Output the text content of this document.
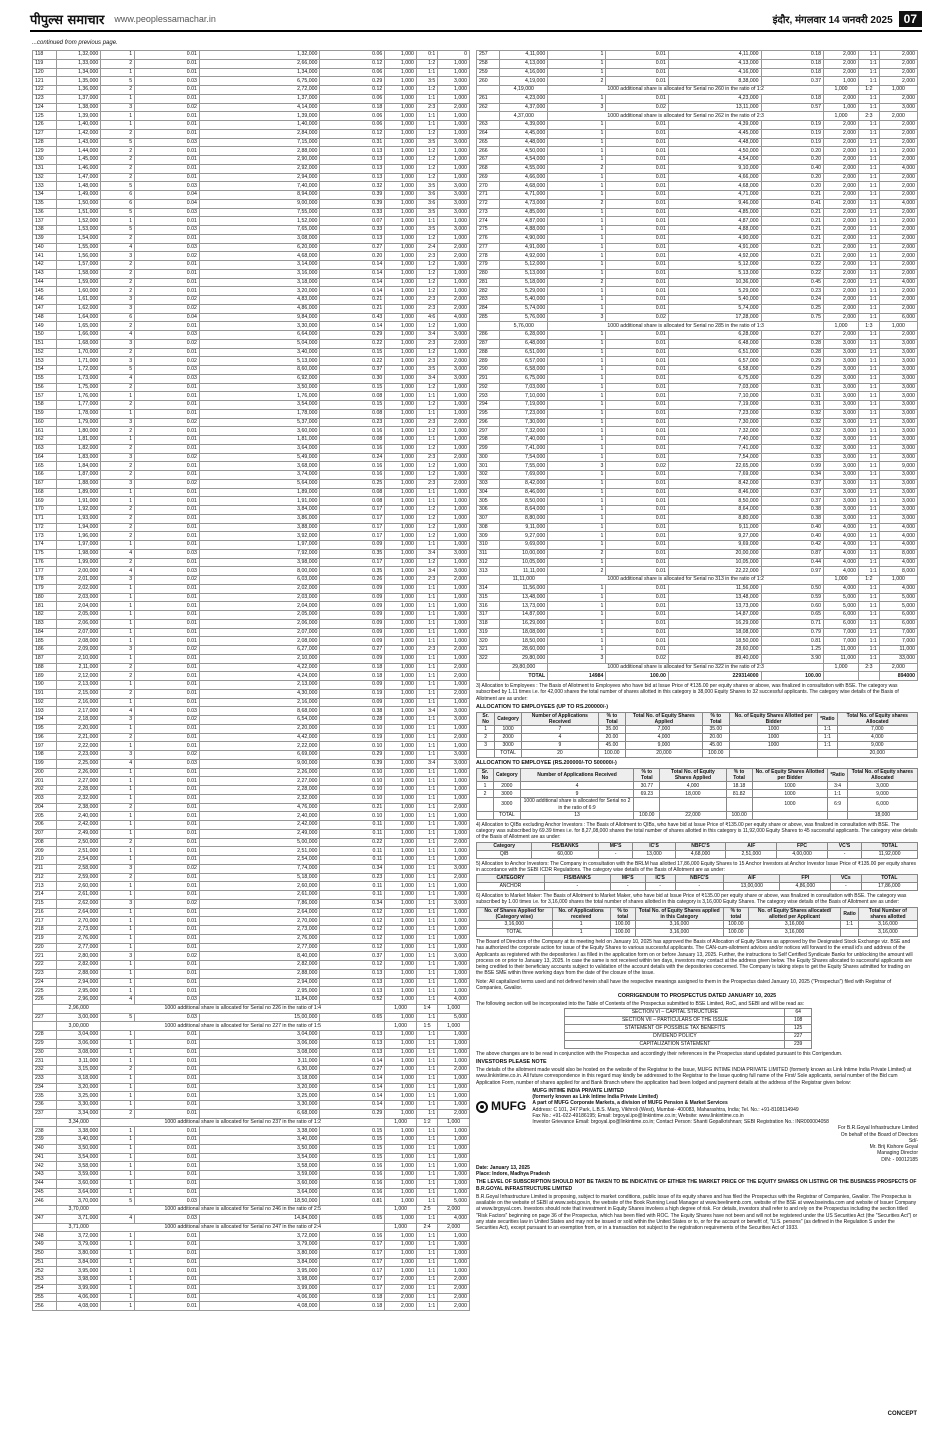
पीपुल्स समाचार www.peoplessamachar.in	इंदौर, मंगलवार 14 जनवरी 2025 07
...continued from previous page.
118	1,32,000	1	0.01	1,32,000	0.06	1,000	0:1	0
119	1,33,000	2	0.01	2,66,000	0.12	1,000	1:2	1,000
120	1,34,000	1	0.01	1,34,000	0.06	1,000	1:1	1,000
121	1,35,000	5	0.03	6,75,000	0.29	1,000	3:5	3,000
122	1,36,000	2	0.01	2,72,000	0.12	1,000	1:2	1,000
123	1,37,000	1	0.01	1,37,000	0.06	1,000	1:1	1,000
124	1,38,000	3	0.02	4,14,000	0.18	1,000	2:3	2,000
125	1,39,000	1	0.01	1,39,000	0.06	1,000	1:1	1,000
126	1,40,000	1	0.01	1,40,000	0.06	1,000	1:1	1,000
127	1,42,000	2	0.01	2,84,000	0.12	1,000	1:2	1,000
128	1,43,000	5	0.03	7,15,000	0.31	1,000	3:5	3,000
129	1,44,000	2	0.01	2,88,000	0.13	1,000	1:2	1,000
130	1,45,000	2	0.01	2,90,000	0.13	1,000	1:2	1,000
131	1,46,000	2	0.01	2,92,000	0.13	1,000	1:2	1,000
132	1,47,000	2	0.01	2,94,000	0.13	1,000	1:2	1,000
133	1,48,000	5	0.03	7,40,000	0.32	1,000	3:5	3,000
134	1,49,000	6	0.04	8,94,000	0.39	1,000	3:6	3,000
135	1,50,000	6	0.04	9,00,000	0.39	1,000	3:6	3,000
136	1,51,000	5	0.03	7,55,000	0.33	1,000	3:5	3,000
137	1,52,000	1	0.01	1,52,000	0.07	1,000	1:1	1,000
138	1,53,000	5	0.03	7,65,000	0.33	1,000	3:5	3,000
139	1,54,000	2	0.01	3,08,000	0.13	1,000	1:2	1,000
140	1,55,000	4	0.03	6,20,000	0.27	1,000	2:4	2,000
141	1,56,000	3	0.02	4,68,000	0.20	1,000	2:3	2,000
142	1,57,000	2	0.01	3,14,000	0.14	1,000	1:2	1,000
143	1,58,000	2	0.01	3,16,000	0.14	1,000	1:2	1,000
144	1,59,000	2	0.01	3,18,000	0.14	1,000	1:2	1,000
145	1,60,000	2	0.01	3,20,000	0.14	1,000	1:2	1,000
146	1,61,000	3	0.02	4,83,000	0.21	1,000	2:3	2,000
147	1,62,000	3	0.02	4,86,000	0.21	1,000	2:3	2,000
148	1,64,000	6	0.04	9,84,000	0.43	1,000	4:6	4,000
149	1,65,000	2	0.01	3,30,000	0.14	1,000	1:2	1,000
150	1,66,000	4	0.03	6,64,000	0.29	1,000	3:4	3,000
151	1,68,000	3	0.02	5,04,000	0.22	1,000	2:3	2,000
152	1,70,000	2	0.01	3,40,000	0.15	1,000	1:2	1,000
153	1,71,000	3	0.02	5,13,000	0.22	1,000	2:3	2,000
154	1,72,000	5	0.03	8,60,000	0.37	1,000	3:5	3,000
155	1,73,000	4	0.03	6,92,000	0.30	1,000	3:4	3,000
156	1,75,000	2	0.01	3,50,000	0.15	1,000	1:2	1,000
157	1,76,000	1	0.01	1,76,000	0.08	1,000	1:1	1,000
158	1,77,000	2	0.01	3,54,000	0.15	1,000	1:2	1,000
159	1,78,000	1	0.01	1,78,000	0.08	1,000	1:1	1,000
160	1,79,000	3	0.02	5,37,000	0.23	1,000	2:3	2,000
161	1,80,000	2	0.01	3,60,000	0.16	1,000	1:2	1,000
162	1,81,000	1	0.01	1,81,000	0.08	1,000	1:1	1,000
163	1,82,000	2	0.01	3,64,000	0.16	1,000	1:2	1,000
164	1,83,000	3	0.02	5,49,000	0.24	1,000	2:3	2,000
165	1,84,000	2	0.01	3,68,000	0.16	1,000	1:2	1,000
166	1,87,000	2	0.01	3,74,000	0.16	1,000	1:2	1,000
167	1,88,000	3	0.02	5,64,000	0.25	1,000	2:3	2,000
168	1,89,000	1	0.01	1,89,000	0.08	1,000	1:1	1,000
169	1,91,000	1	0.01	1,91,000	0.08	1,000	1:1	1,000
170	1,92,000	2	0.01	3,84,000	0.17	1,000	1:2	1,000
171	1,93,000	2	0.01	3,86,000	0.17	1,000	1:2	1,000
172	1,94,000	2	0.01	3,88,000	0.17	1,000	1:2	1,000
173	1,96,000	2	0.01	3,92,000	0.17	1,000	1:2	1,000
174	1,97,000	1	0.01	1,97,000	0.09	1,000	1:1	1,000
175	1,98,000	4	0.03	7,92,000	0.35	1,000	3:4	3,000
176	1,99,000	2	0.01	3,98,000	0.17	1,000	1:2	1,000
177	2,00,000	4	0.03	8,00,000	0.35	1,000	3:4	3,000
178	2,01,000	3	0.02	6,03,000	0.26	1,000	2:3	2,000
179	2,02,000	1	0.01	2,02,000	0.09	1,000	1:1	1,000
180	2,03,000	1	0.01	2,03,000	0.09	1,000	1:1	1,000
181	2,04,000	1	0.01	2,04,000	0.09	1,000	1:1	1,000
182	2,05,000	1	0.01	2,05,000	0.09	1,000	1:1	1,000
183	2,06,000	1	0.01	2,06,000	0.09	1,000	1:1	1,000
184	2,07,000	1	0.01	2,07,000	0.09	1,000	1:1	1,000
185	2,08,000	1	0.01	2,08,000	0.09	1,000	1:1	1,000
186	2,09,000	3	0.02	6,27,000	0.27	1,000	2:3	2,000
187	2,10,000	1	0.01	2,10,000	0.09	1,000	1:1	1,000
188	2,11,000	2	0.01	4,22,000	0.18	1,000	1:1	2,000
189	2,12,000	2	0.01	4,24,000	0.18	1,000	1:1	2,000
190	2,13,000	1	0.01	2,13,000	0.09	1,000	1:1	1,000
191	2,15,000	2	0.01	4,30,000	0.19	1,000	1:1	2,000
192	2,16,000	1	0.01	2,16,000	0.09	1,000	1:1	1,000
193	2,17,000	4	0.03	8,68,000	0.38	1,000	3:4	3,000
194	2,18,000	3	0.02	6,54,000	0.28	1,000	1:1	3,000
195	2,20,000	1	0.01	2,20,000	0.10	1,000	1:1	1,000
196	2,21,000	2	0.01	4,42,000	0.19	1,000	1:1	2,000
197	2,22,000	1	0.01	2,22,000	0.10	1,000	1:1	1,000
198	2,23,000	3	0.02	6,69,000	0.29	1,000	1:1	3,000
199	2,25,000	4	0.03	9,00,000	0.39	1,000	3:4	3,000
200	2,26,000	1	0.01	2,26,000	0.10	1,000	1:1	1,000
201	2,27,000	1	0.01	2,27,000	0.10	1,000	1:1	1,000
202	2,28,000	1	0.01	2,28,000	0.10	1,000	1:1	1,000
203	2,32,000	1	0.01	2,32,000	0.10	1,000	1:1	1,000
204	2,38,000	2	0.01	4,76,000	0.21	1,000	1:1	2,000
205	2,40,000	1	0.01	2,40,000	0.10	1,000	1:1	1,000
206	2,42,000	1	0.01	2,42,000	0.11	1,000	1:1	1,000
207	2,49,000	1	0.01	2,49,000	0.11	1,000	1:1	1,000
208	2,50,000	2	0.01	5,00,000	0.22	1,000	1:1	2,000
209	2,51,000	1	0.01	2,51,000	0.11	1,000	1:1	1,000
210	2,54,000	1	0.01	2,54,000	0.11	1,000	1:1	1,000
211	2,58,000	3	0.02	7,74,000	0.34	1,000	1:1	3,000
212	2,59,000	2	0.01	5,18,000	0.23	1,000	1:1	2,000
213	2,60,000	1	0.01	2,60,000	0.11	1,000	1:1	1,000
214	2,61,000	1	0.01	2,61,000	0.11	1,000	1:1	1,000
215	2,62,000	3	0.02	7,86,000	0.34	1,000	1:1	3,000
216	2,64,000	1	0.01	2,64,000	0.12	1,000	1:1	1,000
217	2,70,000	1	0.01	2,70,000	0.12	1,000	1:1	1,000
218	2,73,000	1	0.01	2,73,000	0.12	1,000	1:1	1,000
219	2,76,000	1	0.01	2,76,000	0.12	1,000	1:1	1,000
220	2,77,000	1	0.01	2,77,000	0.12	1,000	1:1	1,000
221	2,80,000	3	0.02	8,40,000	0.37	1,000	1:1	3,000
222	2,82,000	1	0.01	2,82,000	0.12	1,000	1:1	1,000
223	2,88,000	1	0.01	2,88,000	0.13	1,000	1:1	1,000
224	2,94,000	1	0.01	2,94,000	0.13	1,000	1:1	1,000
225	2,95,000	1	0.01	2,95,000	0.13	1,000	1:1	1,000
226	2,96,000	4	0.03	11,84,000	0.52	1,000	1:1	4,000
	2,96,000	1000 additional share is allocated for Serial no 226 in the ratio of 1:4				1,000	1:4	1,000
227	3,00,000	5	0.03	15,00,000	0.65	1,000	1:1	5,000
	3,00,000	1000 additional share is allocated for Serial no 227 in the ratio of 1:5				1,000	1:5	1,000
228	3,04,000	1	0.01	3,04,000	0.13	1,000	1:1	1,000
229	3,06,000	1	0.01	3,06,000	0.13	1,000	1:1	1,000
230	3,08,000	1	0.01	3,08,000	0.13	1,000	1:1	1,000
231	3,11,000	1	0.01	3,11,000	0.14	1,000	1:1	1,000
232	3,15,000	2	0.01	6,30,000	0.27	1,000	1:1	2,000
233	3,18,000	1	0.01	3,18,000	0.14	1,000	1:1	1,000
234	3,20,000	1	0.01	3,20,000	0.14	1,000	1:1	1,000
235	3,25,000	1	0.01	3,25,000	0.14	1,000	1:1	1,000
236	3,30,000	1	0.01	3,30,000	0.14	1,000	1:1	1,000
237	3,34,000	2	0.01	6,68,000	0.29	1,000	1:1	2,000
	3,34,000	1000 additional share is allocated for Serial no 237 in the ratio of 1:2				1,000	1:2	1,000
238	3,38,000	1	0.01	3,38,000	0.15	1,000	1:1	1,000
239	3,40,000	1	0.01	3,40,000	0.15	1,000	1:1	1,000
240	3,50,000	1	0.01	3,50,000	0.15	1,000	1:1	1,000
241	3,54,000	1	0.01	3,54,000	0.15	1,000	1:1	1,000
242	3,58,000	1	0.01	3,58,000	0.16	1,000	1:1	1,000
243	3,59,000	1	0.01	3,59,000	0.16	1,000	1:1	1,000
244	3,60,000	1	0.01	3,60,000	0.16	1,000	1:1	1,000
245	3,64,000	1	0.01	3,64,000	0.16	1,000	1:1	1,000
246	3,70,000	5	0.03	18,50,000	0.81	1,000	1:1	5,000
	3,70,000	1000 additional share is allocated for Serial no 246 in the ratio of 2:5				1,000	2:5	2,000
247	3,71,000	4	0.03	14,84,000	0.65	1,000	1:1	4,000
	3,71,000	1000 additional share is allocated for Serial no 247 in the ratio of 2:4				1,000	2:4	2,000
248	3,72,000	1	0.01	3,72,000	0.16	1,000	1:1	1,000
249	3,79,000	1	0.01	3,79,000	0.17	1,000	1:1	1,000
250	3,80,000	1	0.01	3,80,000	0.17	1,000	1:1	1,000
251	3,84,000	1	0.01	3,84,000	0.17	1,000	1:1	1,000
252	3,95,000	1	0.01	3,95,000	0.17	1,000	1:1	1,000
253	3,98,000	1	0.01	3,98,000	0.17	2,000	1:1	2,000
254	3,99,000	1	0.01	3,99,000	0.17	2,000	1:1	2,000
255	4,06,000	1	0.01	4,06,000	0.18	2,000	1:1	2,000
256	4,08,000	1	0.01	4,08,000	0.18	2,000	1:1	2,000
257	4,11,000	1	0.01	4,11,000	0.18	2,000	1:1	2,000
258	4,13,000	1	0.01	4,13,000	0.18	2,000	1:1	2,000
259	4,16,000	1	0.01	4,16,000	0.18	2,000	1:1	2,000
260	4,19,000	2	0.01	8,38,000	0.37	1,000	1:1	2,000
	4,19,000	1000 additional share is allocated for Serial no 260 in the ratio of 1:2				1,000	1:2	1,000
261	4,23,000	1	0.01	4,23,000	0.18	2,000	1:1	2,000
262	4,37,000	3	0.02	13,11,000	0.57	1,000	1:1	3,000
	4,37,000	1000 additional share is allocated for Serial no 262 in the ratio of 2:3				1,000	2:3	2,000
263	4,39,000	1	0.01	4,39,000	0.19	2,000	1:1	2,000
264	4,45,000	1	0.01	4,45,000	0.19	2,000	1:1	2,000
265	4,48,000	1	0.01	4,48,000	0.19	2,000	1:1	2,000
266	4,50,000	1	0.01	4,50,000	0.20	2,000	1:1	2,000
267	4,54,000	1	0.01	4,54,000	0.20	2,000	1:1	2,000
268	4,55,000	2	0.01	9,10,000	0.40	2,000	1:1	4,000
269	4,66,000	1	0.01	4,66,000	0.20	2,000	1:1	2,000
270	4,68,000	1	0.01	4,68,000	0.20	2,000	1:1	2,000
271	4,71,000	1	0.01	4,71,000	0.21	2,000	1:1	2,000
272	4,73,000	2	0.01	9,46,000	0.41	2,000	1:1	4,000
273	4,85,000	1	0.01	4,85,000	0.21	2,000	1:1	2,000
274	4,87,000	1	0.01	4,87,000	0.21	2,000	1:1	2,000
275	4,88,000	1	0.01	4,88,000	0.21	2,000	1:1	2,000
276	4,90,000	1	0.01	4,90,000	0.21	2,000	1:1	2,000
277	4,91,000	1	0.01	4,91,000	0.21	2,000	1:1	2,000
278	4,92,000	1	0.01	4,92,000	0.21	2,000	1:1	2,000
279	5,12,000	1	0.01	5,12,000	0.22	2,000	1:1	2,000
280	5,13,000	1	0.01	5,13,000	0.22	2,000	1:1	2,000
281	5,18,000	2	0.01	10,36,000	0.45	2,000	1:1	4,000
282	5,29,000	1	0.01	5,29,000	0.23	2,000	1:1	2,000
283	5,40,000	1	0.01	5,40,000	0.24	2,000	1:1	2,000
284	5,74,000	1	0.01	5,74,000	0.25	2,000	1:1	2,000
285	5,76,000	3	0.02	17,28,000	0.75	2,000	1:1	6,000
	5,76,000	1000 additional share is allocated for Serial no 285 in the ratio of 1:3				1,000	1:3	1,000
286	6,28,000	1	0.01	6,28,000	0.27	2,000	1:1	2,000
287	6,48,000	1	0.01	6,48,000	0.28	3,000	1:1	3,000
288	6,51,000	1	0.01	6,51,000	0.28	3,000	1:1	3,000
289	6,57,000	1	0.01	6,57,000	0.29	3,000	1:1	3,000
290	6,58,000	1	0.01	6,58,000	0.29	3,000	1:1	3,000
291	6,75,000	1	0.01	6,75,000	0.29	3,000	1:1	3,000
292	7,03,000	1	0.01	7,03,000	0.31	3,000	1:1	3,000
293	7,10,000	1	0.01	7,10,000	0.31	3,000	1:1	3,000
294	7,19,000	1	0.01	7,19,000	0.31	3,000	1:1	3,000
295	7,23,000	1	0.01	7,23,000	0.32	3,000	1:1	3,000
296	7,30,000	1	0.01	7,30,000	0.32	3,000	1:1	3,000
297	7,32,000	1	0.01	7,32,000	0.32	3,000	1:1	3,000
298	7,40,000	1	0.01	7,40,000	0.32	3,000	1:1	3,000
299	7,41,000	1	0.01	7,41,000	0.32	3,000	1:1	3,000
300	7,54,000	1	0.01	7,54,000	0.33	3,000	1:1	3,000
301	7,55,000	3	0.02	22,65,000	0.99	3,000	1:1	9,000
302	7,69,000	1	0.01	7,69,000	0.34	3,000	1:1	3,000
303	8,42,000	1	0.01	8,42,000	0.37	3,000	1:1	3,000
304	8,46,000	1	0.01	8,46,000	0.37	3,000	1:1	3,000
305	8,50,000	1	0.01	8,50,000	0.37	3,000	1:1	3,000
306	8,64,000	1	0.01	8,64,000	0.38	3,000	1:1	3,000
307	8,80,000	1	0.01	8,80,000	0.38	3,000	1:1	3,000
308	9,11,000	1	0.01	9,11,000	0.40	4,000	1:1	4,000
309	9,27,000	1	0.01	9,27,000	0.40	4,000	1:1	4,000
310	9,69,000	1	0.01	9,69,000	0.42	4,000	1:1	4,000
311	10,00,000	2	0.01	20,00,000	0.87	4,000	1:1	8,000
312	10,05,000	1	0.01	10,05,000	0.44	4,000	1:1	4,000
313	11,11,000	2	0.01	22,22,000	0.97	4,000	1:1	8,000
	11,11,000	1000 additional share is allocated for Serial no 313 in the ratio of 1:2				1,000	1:2	1,000
314	11,56,000	1	0.01	11,56,000	0.50	4,000	1:1	4,000
315	13,48,000	1	0.01	13,48,000	0.59	5,000	1:1	5,000
316	13,73,000	1	0.01	13,73,000	0.60	5,000	1:1	5,000
317	14,87,000	1	0.01	14,87,000	0.65	6,000	1:1	6,000
318	16,29,000	1	0.01	16,29,000	0.71	6,000	1:1	6,000
319	18,08,000	1	0.01	18,08,000	0.79	7,000	1:1	7,000
320	18,50,000	1	0.01	18,50,000	0.81	7,000	1:1	7,000
321	28,60,000	1	0.01	28,60,000	1.25	11,000	1:1	11,000
322	29,80,000	3	0.02	89,40,000	3.90	11,000	1:1	33,000
	29,80,000	1000 additional share is allocated for Serial no 322 in the ratio of 2:3				1,000	2:3	2,000
	TOTAL	14984	100.00	229314000	100.00			894000
3) Allocation to Employees : The Basis of Allotment to Employees who have bid at Issue Price of ₹135.00 per equity shares or above, was finalized in consultation with BSE. The category was subscribed by 1.11 times i.e. for 42,000 shares the total number of shares allotted in this category is 38,000 Equity Shares to 32 successful applicants. The category wise details of the Basis of Allotment are as under:
ALLOCATION TO EMPLOYEES (UP TO RS.200000/-)
Sr. No	Category	Number of Applications Received	% to Total	Total No. of Equity Shares Applied	% to Total	No. of Equity Shares Allotted per Bidder	*Ratio	Total No. of Equity shares Allocated
1	1000	7	35.00	7,000	35.00	1000	1:1	7,000
2	2000	4	20.00	4,000	20.00	1000	1:1	4,000
3	3000	9	45.00	9,000	45.00	1000	1:1	9,000
	TOTAL	20	100.00	20,000	100.00			20,000
ALLOCATION TO EMPLOYEE (RS.200000/-TO 500000/-)
Sr. No	Category	Number of Applications Received	% to Total	Total No. of Equity Shares Applied	% to Total	No. of Equity Shares Allotted per Bidder	*Ratio	Total No. of Equity shares Allocated
1	2000	4	30.77	4,000	18.18	1000	3:4	3,000
2	3000	9	69.23	18,000	81.82	1000	1:1	9,000
	3000	1000 additional share is allocated for Serial no 2 in the ratio of 6:9				1000	6:9	6,000
	TOTAL	13	100.00	22,000	100.00			18,000
4) Allocation to QIBs excluding Anchor Investors : The Basis of Allotment to QIBs, who have bid at Issue Price of ₹135.00 per equity share or above, was finalized in consultation with BSE. The category was subscribed by 69.39 times i.e. for 8,27,08,000 shares the total number of shares allotted in this category is 11,92,000 Equity Shares to 45 successful applicants. The category wise details of the Basis of Allotment are as under:
Category	FIS/BANKS	MF'S	IC'S	NBFC'S	AIF	FPC	VC'S	TOTAL
QIB	60,000	-	13,000	4,68,000	2,51,000	4,00,000	-	11,92,000
5) Allocation to Anchor Investors: The Company in consultation with the BRLM has allotted 17,86,000 Equity Shares to 15 Anchor Investors at Anchor Investor Issue Price of ₹135.00 per equity shares in accordance with the SEBI ICDR Regulations. The category wise details of the Basis of Allotment are as under:
CATEGORY	FIS/BANKS	MF'S	IC'S	NBFC'S	AIF	FPI	VCs	TOTAL
ANCHOR	-	-	-	-	13,00,000	4,86,000	-	17,86,000
6) Allocation to Market Maker: The Basis of Allotment to Market Maker, who have bid at Issue Price of ₹135.00 per equity share or above, was finalized in consultation with BSE. The category was subscribed by 1.00 times i.e. for 3,16,000 shares the total number of shares allotted in this category is 3,16,000 Equity Shares. The category wise details of the Basis of Allotment are as under:
No. of Shares Applied for (Category wise)	No. of Applications received	% to total	Total No. of Equity Shares applied in this Category	% to total	No. of Equity Shares allocated/ allotted per Applicant	Ratio	Total Number of shares allotted
3,16,000	1	100.00	3,16,000	100.00	3,16,000	1:1	3,16,000
TOTAL	1	100.00	3,16,000	100.00	3,16,000		3,16,000
The Board of Directors of the Company at its meeting held on January 10, 2025 has approved the Basis of Allocation of Equity Shares as approved by the Designated Stock Exchange viz. BSE and has authorized the corporate action for issue of the Equity Shares to various successful applicants. The CAN-cum-allotment advices and/or notices will forward to the email id's and address of the Applicants as registered with the depositories / as filled in the application form on or before January 13, 2025. Further, the instructions to Self Certified Syndicate Banks for unblocking the amount will process on or prior to January 13, 2025. In case the same is not received within ten days, investors may contact at the address given below. The Equity Shares allocated to successful applicants are being credited to their beneficiary accounts subject to validation of the account details with the depositories concerned. The Company is taking steps to get the Equity Shares admitted for trading on the BSE SME within three working days from the date of the closure of the issue.
Note: All capitalized terms used and not defined herein shall have the respective meanings assigned to them in the Prospectus dated January 10, 2025 ("Prospectus") filed with Registrar of Companies, Gwalior.
CORRIGENDUM TO PROSPECTUS DATED JANUARY 10, 2025
The following section will be incorporated into the Table of Contents of the Prospectus submitted to BSE Limited, RoC, and SEBI and will be read as:
SECTION VI – CAPITAL STRUCTURE	64
SECTION VII – PARTICULARS OF THE ISSUE	108
STATEMENT OF POSSIBLE TAX BENEFITS	125
DIVIDEND POLICY	227
CAPITALIZATION STATEMENT	239
The above changes are to be read in conjunction with the Prospectus and accordingly their references in the Prospectus stand updated pursuant to this Corrigendum.
INVESTORS PLEASE NOTE
The details of the allotment made would also be hosted on the website of the Registrar to the Issue, MUFG INTIME INDIA PRIVATE LIMITED (formerly known as Link Intime India Private Limited) at www.linkintime.co.in. All future correspondence in this regard may kindly be addressed to the Registrar to the Issue quoting full name of the First/ Sole applicants, serial number of the Bid cum Application Form, number of shares applied for and Bank Branch where the application had been lodged and payment details at the address of the Registrar given below:
MUFG
MUFG INTIME INDIA PRIVATE LIMITED
(formerly known as Link Intime India Private Limited)
A part of MUFG Corporate Markets, a division of MUFG Pension & Market Services
Address: C 101, 247 Park, L.B.S. Marg, Vikhroli (West), Mumbai- 400083, Maharashtra, India; Tel. No.: +91-8108114949
Fax No.: +91-022-49186195; Email: brgoyal.ipo@linkintime.co.in; Website: www.linkintime.co.in
Investor Grievance Email: brgoyal.ipo@linkintime.co.in; Contact Person: Shanti Gopalkrishnan; SEBI Registration No.: INR000004058
For B.R.Goyal Infrastructure Limited
On behalf of the Board of Directors
Sd/-
Mr. Brij Kishore Goyal
Managing Director
DIN: - 00012185
Date: January 13, 2025
Place: Indore, Madhya Pradesh
THE LEVEL OF SUBSCRIPTION SHOULD NOT BE TAKEN TO BE INDICATIVE OF EITHER THE MARKET PRICE OF THE EQUITY SHARES ON LISTING OR THE BUSINESS PROSPECTS OF B.R.GOYAL INFRASTRUCTURE LIMITED
B.R.Goyal Infrastructure Limited is proposing, subject to market conditions, public issue of its equity shares and has filed the Prospectus with the Registrar of Companies, Gwalior. The Prospectus is available on the website of SEBI at www.sebi.gov.in, the website of the Book Running Lead Manager at www.beelinemb.com, website of the BSE at www.bseindia.com and website of Issuer Company at www.brgoyal.com. Investors should note that investment in Equity Shares involves a high degree of risk. For details, investors shall refer to and rely on the Prospectus including the section titled "Risk Factors" beginning on page 36 of the Prospectus, which has been filed with ROC. The Equity Shares have not been and will not be registered under the US Securities Act (the "Securities Act") or any state securities law in United States and may not be issued or sold within the United States or to, or for the account or benefit of, "U.S. persons" (as defined in the Regulation S under the Securities Act), except pursuant to an exemption from, or in a transaction not subject to the registration requirements of the Securities Act of 1933.
CONCEPT
